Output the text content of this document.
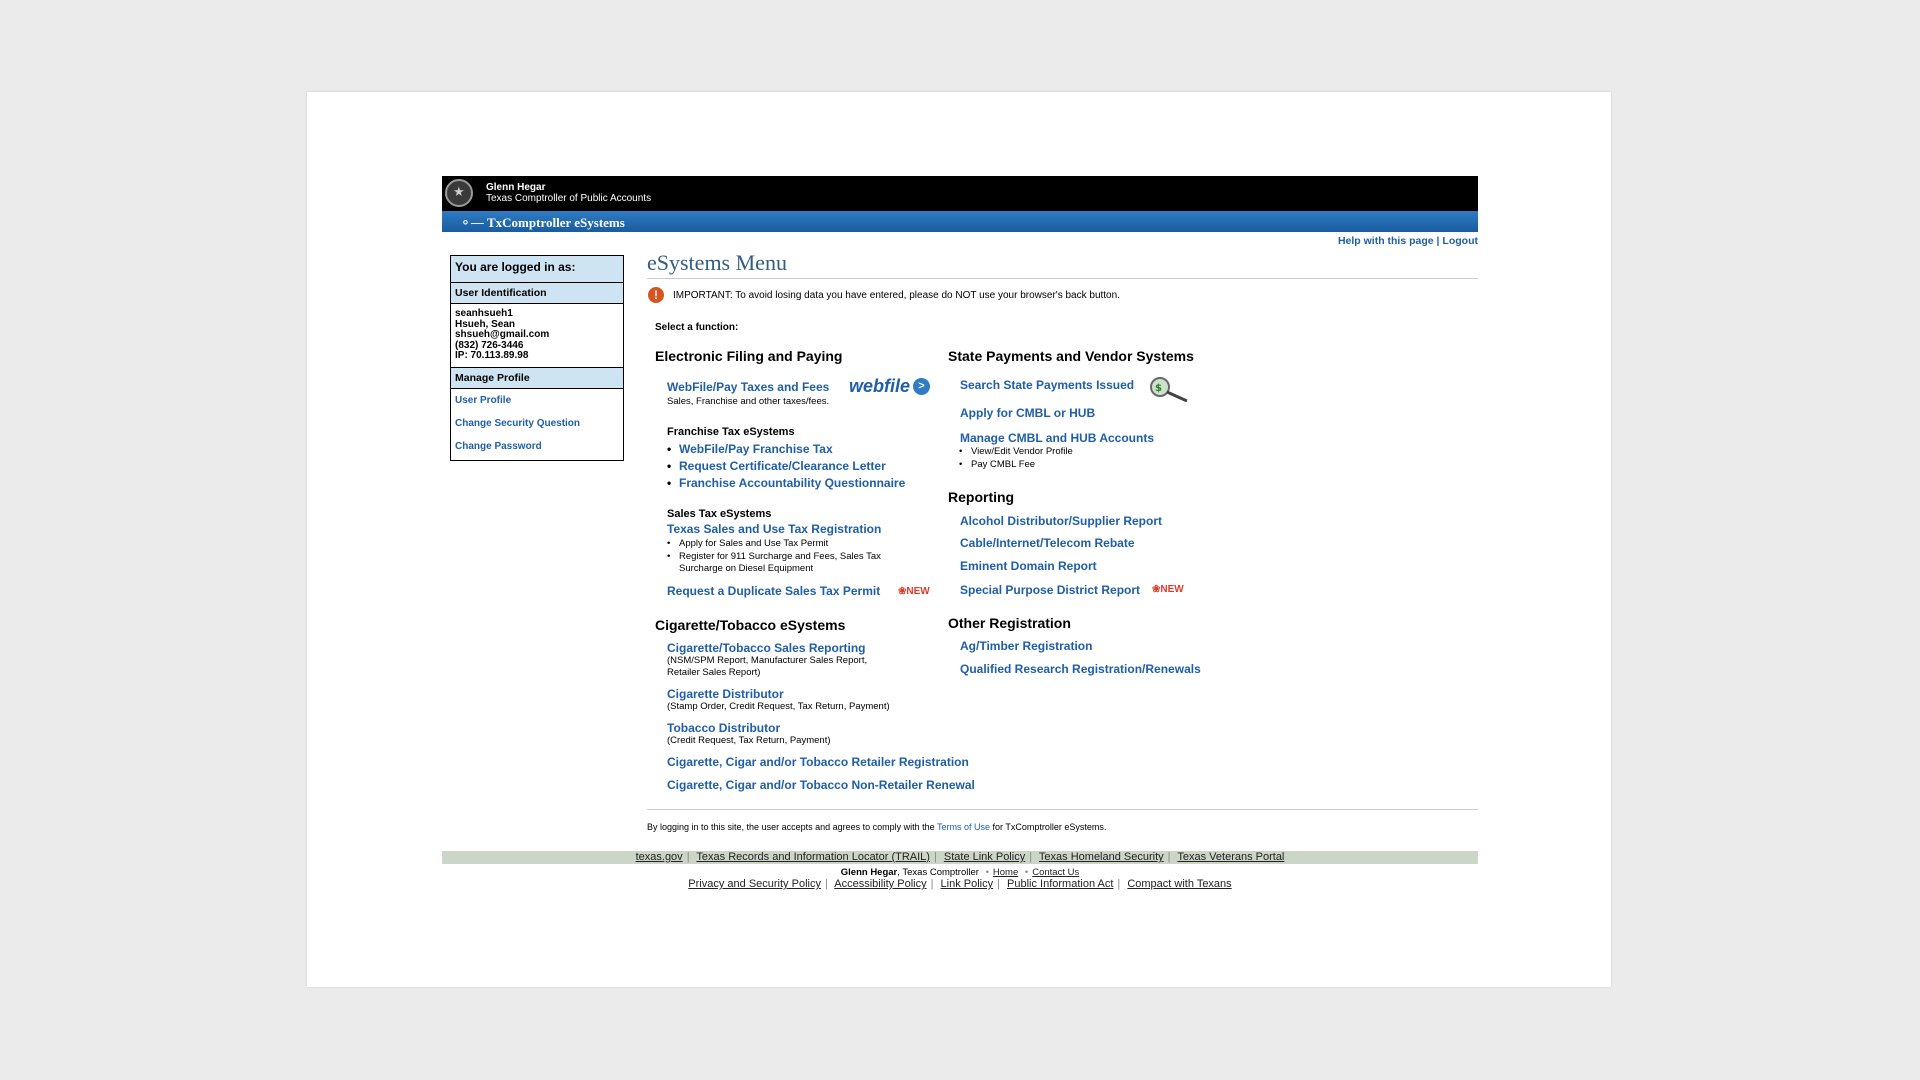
★
Glenn Hegar
Texas Comptroller of Public Accounts
⚬— TxComptroller eSystems
Help with this page | Logout
You are logged in as:
User Identification
seanhsueh1
Hsueh, Sean
shsueh@gmail.com
(832) 726-3446
IP: 70.113.89.98
Manage Profile
User Profile
Change Security Question
Change Password
eSystems Menu
!	IMPORTANT: To avoid losing data you have entered, please do NOT use your browser's back button.
Select a function:
Electronic Filing and Paying
WebFile/Pay Taxes and Fees webfile >
Sales, Franchise and other taxes/fees.
Franchise Tax eSystems
• WebFile/Pay Franchise Tax
• Request Certificate/Clearance Letter
• Franchise Accountability Questionnaire
Sales Tax eSystems
Texas Sales and Use Tax Registration
• Apply for Sales and Use Tax Permit
• Register for 911 Surcharge and Fees, Sales Tax
Surcharge on Diesel Equipment
Request a Duplicate Sales Tax Permit ❀NEW
Cigarette/Tobacco eSystems
Cigarette/Tobacco Sales Reporting
(NSM/SPM Report, Manufacturer Sales Report,
Retailer Sales Report)
Cigarette Distributor
(Stamp Order, Credit Request, Tax Return, Payment)
Tobacco Distributor
(Credit Request, Tax Return, Payment)
Cigarette, Cigar and/or Tobacco Retailer Registration
Cigarette, Cigar and/or Tobacco Non-Retailer Renewal
State Payments and Vendor Systems
Search State Payments Issued $
Apply for CMBL or HUB
Manage CMBL and HUB Accounts
• View/Edit Vendor Profile
• Pay CMBL Fee
Reporting
Alcohol Distributor/Supplier Report
Cable/Internet/Telecom Rebate
Eminent Domain Report
Special Purpose District Report ❀NEW
Other Registration
Ag/Timber Registration
Qualified Research Registration/Renewals
By logging in to this site, the user accepts and agrees to comply with the Terms of Use for TxComptroller eSystems.
texas.gov | Texas Records and Information Locator (TRAIL) | State Link Policy | Texas Homeland Security | Texas Veterans Portal
Glenn Hegar, Texas Comptroller • Home • Contact Us
Privacy and Security Policy | Accessibility Policy | Link Policy | Public Information Act | Compact with Texans
